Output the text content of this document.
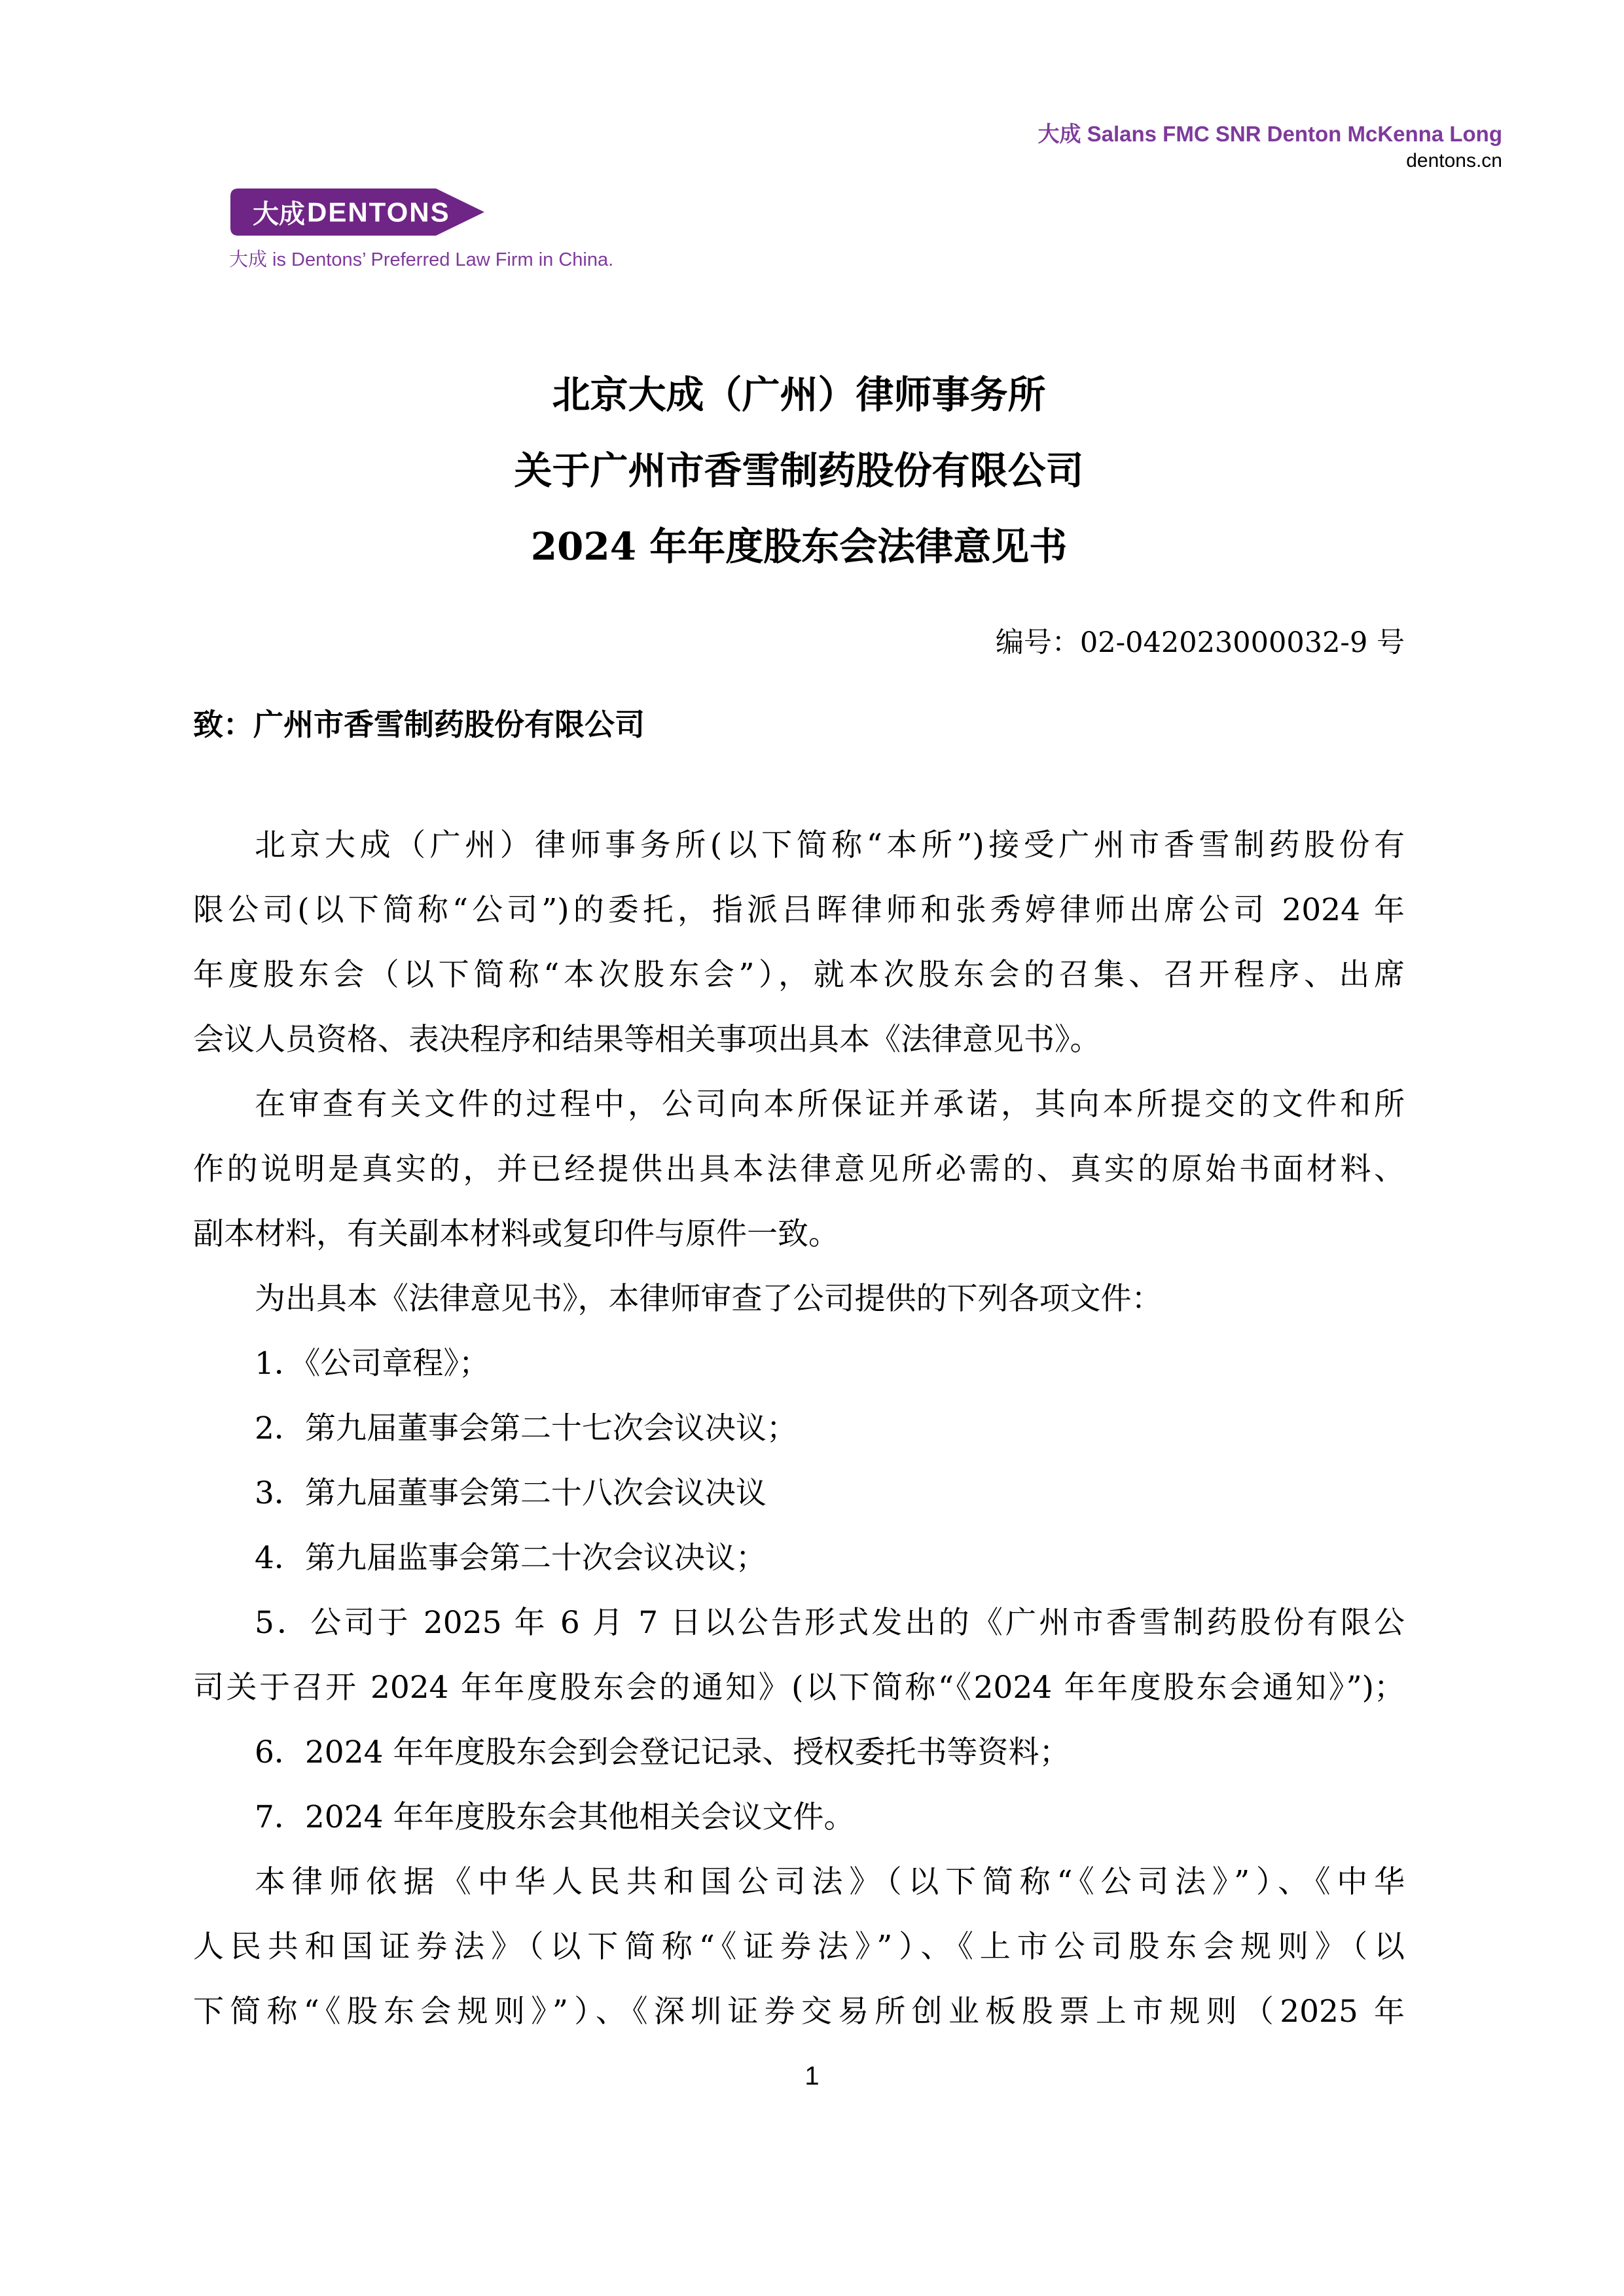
大成 Salans FMC SNR Denton McKenna Long
dentons.cn
大成 DENTONS
大成 is Dentons’ Preferred Law Firm in China.
北京大成（广州）律师事务所
关于广州市香雪制药股份有限公司
2024 年年度股东会法律意见书
编号：02-042023000032-9 号
致：广州市香雪制药股份有限公司
北京大成（广州）律师事务所(以下简称“本所”)接受广州市香雪制药股份有
限公司(以下简称“公司”)的委托，指派吕晖律师和张秀婷律师出席公司 2024 年
年度股东会（以下简称“本次股东会”），就本次股东会的召集、召开程序、出席
会议人员资格、表决程序和结果等相关事项出具本《法律意见书》。
在审查有关文件的过程中，公司向本所保证并承诺，其向本所提交的文件和所
作的说明是真实的，并已经提供出具本法律意见所必需的、真实的原始书面材料、
副本材料，有关副本材料或复印件与原件一致。
为出具本《法律意见书》，本律师审查了公司提供的下列各项文件：
1．《公司章程》；
2．第九届董事会第二十七次会议决议；
3．第九届董事会第二十八次会议决议
4．第九届监事会第二十次会议决议；
5．公司于 2025 年 6 月 7 日以公告形式发出的《广州市香雪制药股份有限公
司关于召开 2024 年年度股东会的通知》(以下简称“《2024 年年度股东会通知》”)；
6．2024 年年度股东会到会登记记录、授权委托书等资料；
7．2024 年年度股东会其他相关会议文件。
本律师依据《中华人民共和国公司法》（以下简称“《公司法》”）、《中华
人民共和国证券法》（以下简称“《证券法》”）、《上市公司股东会规则》（以
下简称“《股东会规则》”）、《深圳证券交易所创业板股票上市规则（2025 年
1
